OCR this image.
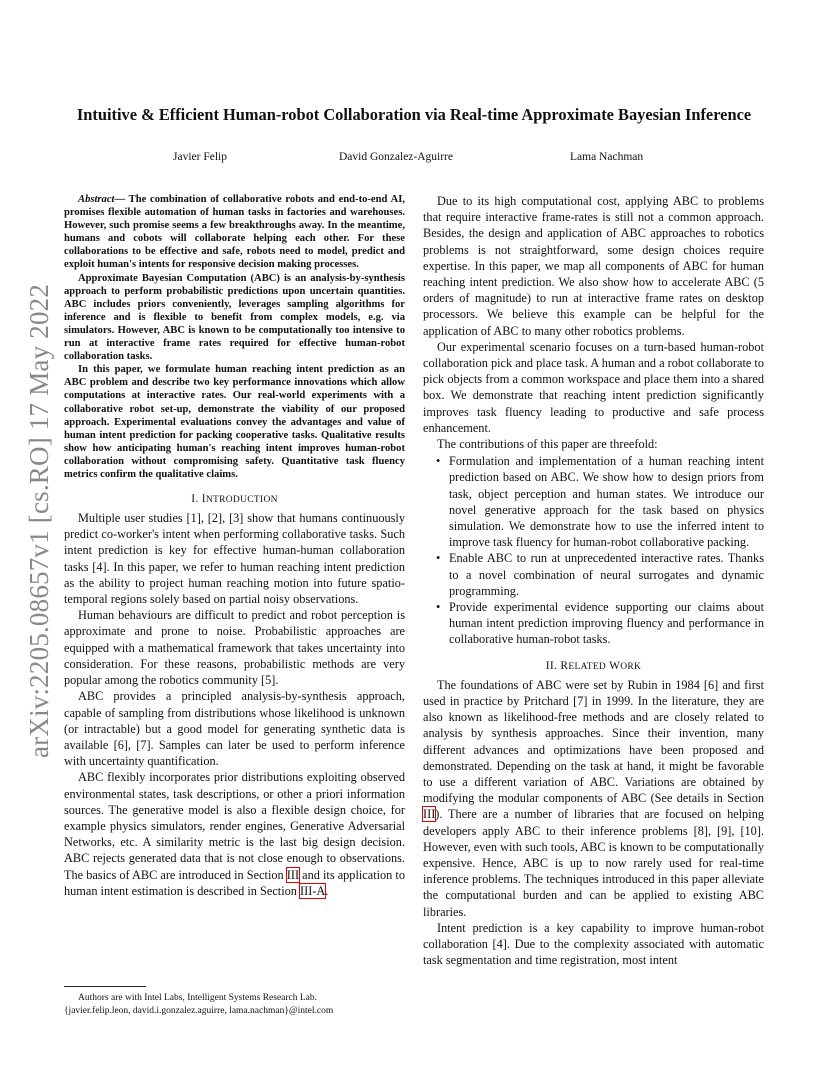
arXiv:2205.08657v1 [cs.RO] 17 May 2022
Intuitive & Efficient Human-robot Collaboration via Real-time Approximate Bayesian Inference
Javier Felip	David Gonzalez-Aguirre	Lama Nachman

Abstract— The combination of collaborative robots and end-to-end AI, promises flexible automation of human tasks in factories and warehouses. However, such promise seems a few breakthroughs away. In the meantime, humans and cobots will collaborate helping each other. For these collaborations to be effective and safe, robots need to model, predict and exploit human's intents for responsive decision making processes.

Approximate Bayesian Computation (ABC) is an analysis-by-synthesis approach to perform probabilistic predictions upon uncertain quantities. ABC includes priors conveniently, leverages sampling algorithms for inference and is flexible to benefit from complex models, e.g. via simulators. However, ABC is known to be computationally too intensive to run at interactive frame rates required for effective human-robot collaboration tasks.

In this paper, we formulate human reaching intent prediction as an ABC problem and describe two key performance innovations which allow computations at interactive rates. Our real-world experiments with a collaborative robot set-up, demonstrate the viability of our proposed approach. Experimental evaluations convey the advantages and value of human intent prediction for packing cooperative tasks. Qualitative results show how anticipating human's reaching intent improves human-robot collaboration without compromising safety. Quantitative task fluency metrics confirm the qualitative claims.

I. INTRODUCTION

Multiple user studies [1], [2], [3] show that humans continuously predict co-worker's intent when performing collaborative tasks. Such intent prediction is key for effective human-human collaboration tasks [4]. In this paper, we refer to human reaching intent prediction as the ability to project human reaching motion into future spatio-temporal regions solely based on partial noisy observations.

Human behaviours are difficult to predict and robot perception is approximate and prone to noise. Probabilistic approaches are equipped with a mathematical framework that takes uncertainty into consideration. For these reasons, probabilistic methods are very popular among the robotics community [5].

ABC provides a principled analysis-by-synthesis approach, capable of sampling from distributions whose likelihood is unknown (or intractable) but a good model for generating synthetic data is available [6], [7]. Samples can later be used to perform inference with uncertainty quantification.

ABC flexibly incorporates prior distributions exploiting observed environmental states, task descriptions, or other a priori information sources. The generative model is also a flexible design choice, for example physics simulators, render engines, Generative Adversarial Networks, etc. A similarity metric is the last big design decision. ABC rejects generated data that is not close enough to observations. The basics of ABC are introduced in Section III and its application to human intent estimation is described in Section III-A.

Authors are with Intel Labs, Intelligent Systems Research Lab.
{javier.felip.leon, david.i.gonzalez.aguirre, lama.nachman}@intel.com

Due to its high computational cost, applying ABC to problems that require interactive frame-rates is still not a common approach. Besides, the design and application of ABC approaches to robotics problems is not straightforward, some design choices require expertise. In this paper, we map all components of ABC for human reaching intent prediction. We also show how to accelerate ABC (5 orders of magnitude) to run at interactive frame rates on desktop processors. We believe this example can be helpful for the application of ABC to many other robotics problems.

Our experimental scenario focuses on a turn-based human-robot collaboration pick and place task. A human and a robot collaborate to pick objects from a common workspace and place them into a shared box. We demonstrate that reaching intent prediction significantly improves task fluency leading to productive and safe process enhancement.

The contributions of this paper are threefold:

• Formulation and implementation of a human reaching intent prediction based on ABC. We show how to design priors from task, object perception and human states. We introduce our novel generative approach for the task based on physics simulation. We demonstrate how to use the inferred intent to improve task fluency for human-robot collaborative packing.
• Enable ABC to run at unprecedented interactive rates. Thanks to a novel combination of neural surrogates and dynamic programming.
• Provide experimental evidence supporting our claims about human intent prediction improving fluency and performance in collaborative human-robot tasks.
II. RELATED WORK

The foundations of ABC were set by Rubin in 1984 [6] and first used in practice by Pritchard [7] in 1999. In the literature, they are also known as likelihood-free methods and are closely related to analysis by synthesis approaches. Since their invention, many different advances and optimizations have been proposed and demonstrated. Depending on the task at hand, it might be favorable to use a different variation of ABC. Variations are obtained by modifying the modular components of ABC (See details in Section III). There are a number of libraries that are focused on helping developers apply ABC to their inference problems [8], [9], [10]. However, even with such tools, ABC is known to be computationally expensive. Hence, ABC is up to now rarely used for real-time inference problems. The techniques introduced in this paper alleviate the computational burden and can be applied to existing ABC libraries.

Intent prediction is a key capability to improve human-robot collaboration [4]. Due to the complexity associated with automatic task segmentation and time registration, most intent
